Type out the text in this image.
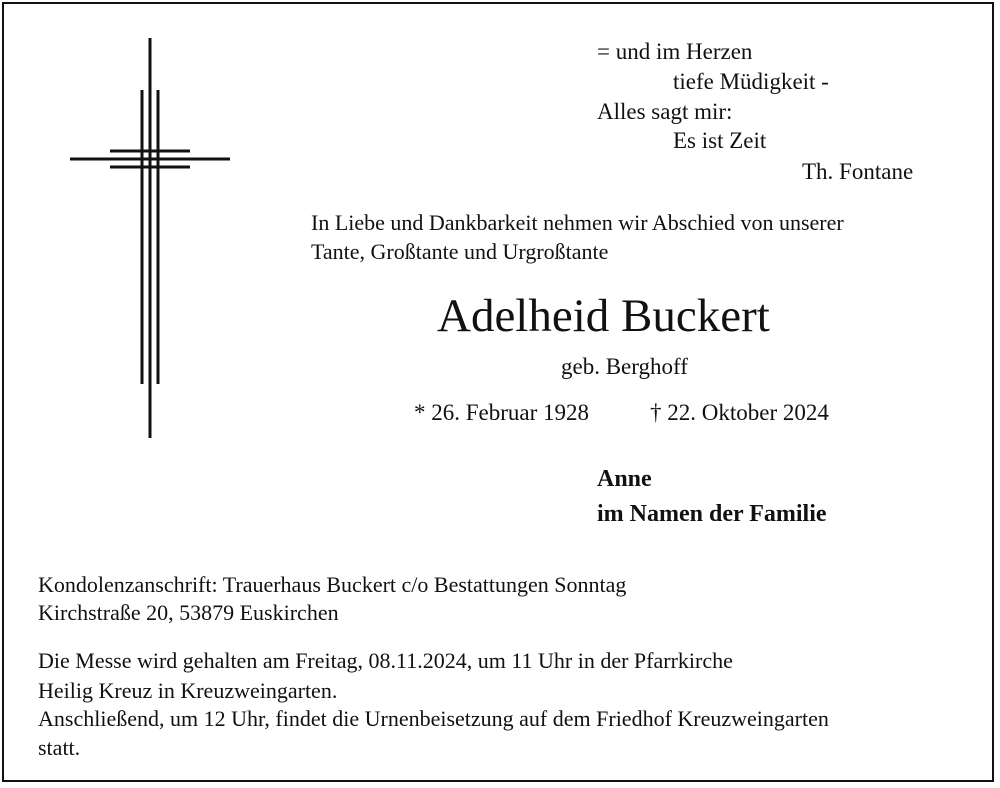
= und im Herzen
tiefe Müdigkeit -
Alles sagt mir:
Es ist Zeit
Th. Fontane
In Liebe und Dankbarkeit nehmen wir Abschied von unserer
Tante, Großtante und Urgroßtante
Adelheid Buckert
geb. Berghoff
* 26. Februar 1928	† 22. Oktober 2024
Anne
im Namen der Familie
Kondolenzanschrift: Trauerhaus Buckert c/o Bestattungen Sonntag
Kirchstraße 20, 53879 Euskirchen
Die Messe wird gehalten am Freitag, 08.11.2024, um 11 Uhr in der Pfarrkirche
Heilig Kreuz in Kreuzweingarten.
Anschließend, um 12 Uhr, findet die Urnenbeisetzung auf dem Friedhof Kreuzweingarten
statt.
